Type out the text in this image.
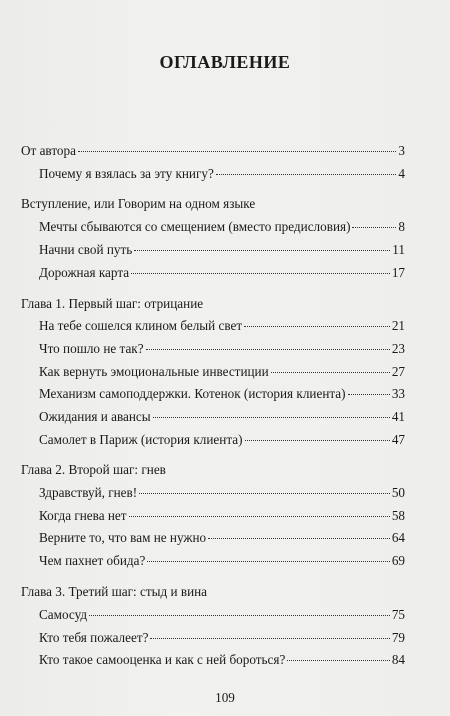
ОГЛАВЛЕНИЕ
От автора	3
Почему я взялась за эту книгу?	4
Вступление, или Говорим на одном языке
Мечты сбываются со смещением (вместо предисловия)	8
Начни свой путь	11
Дорожная карта	17
Глава 1. Первый шаг: отрицание
На тебе сошелся клином белый свет	21
Что пошло не так?	23
Как вернуть эмоциональные инвестиции	27
Механизм самоподдержки. Котенок (история клиента)	33
Ожидания и авансы	41
Самолет в Париж (история клиента)	47
Глава 2. Второй шаг: гнев
Здравствуй, гнев!	50
Когда гнева нет	58
Верните то, что вам не нужно	64
Чем пахнет обида?	69
Глава 3. Третий шаг: стыд и вина
Самосуд	75
Кто тебя пожалеет?	79
Кто такое самооценка и как с ней бороться?	84
109
